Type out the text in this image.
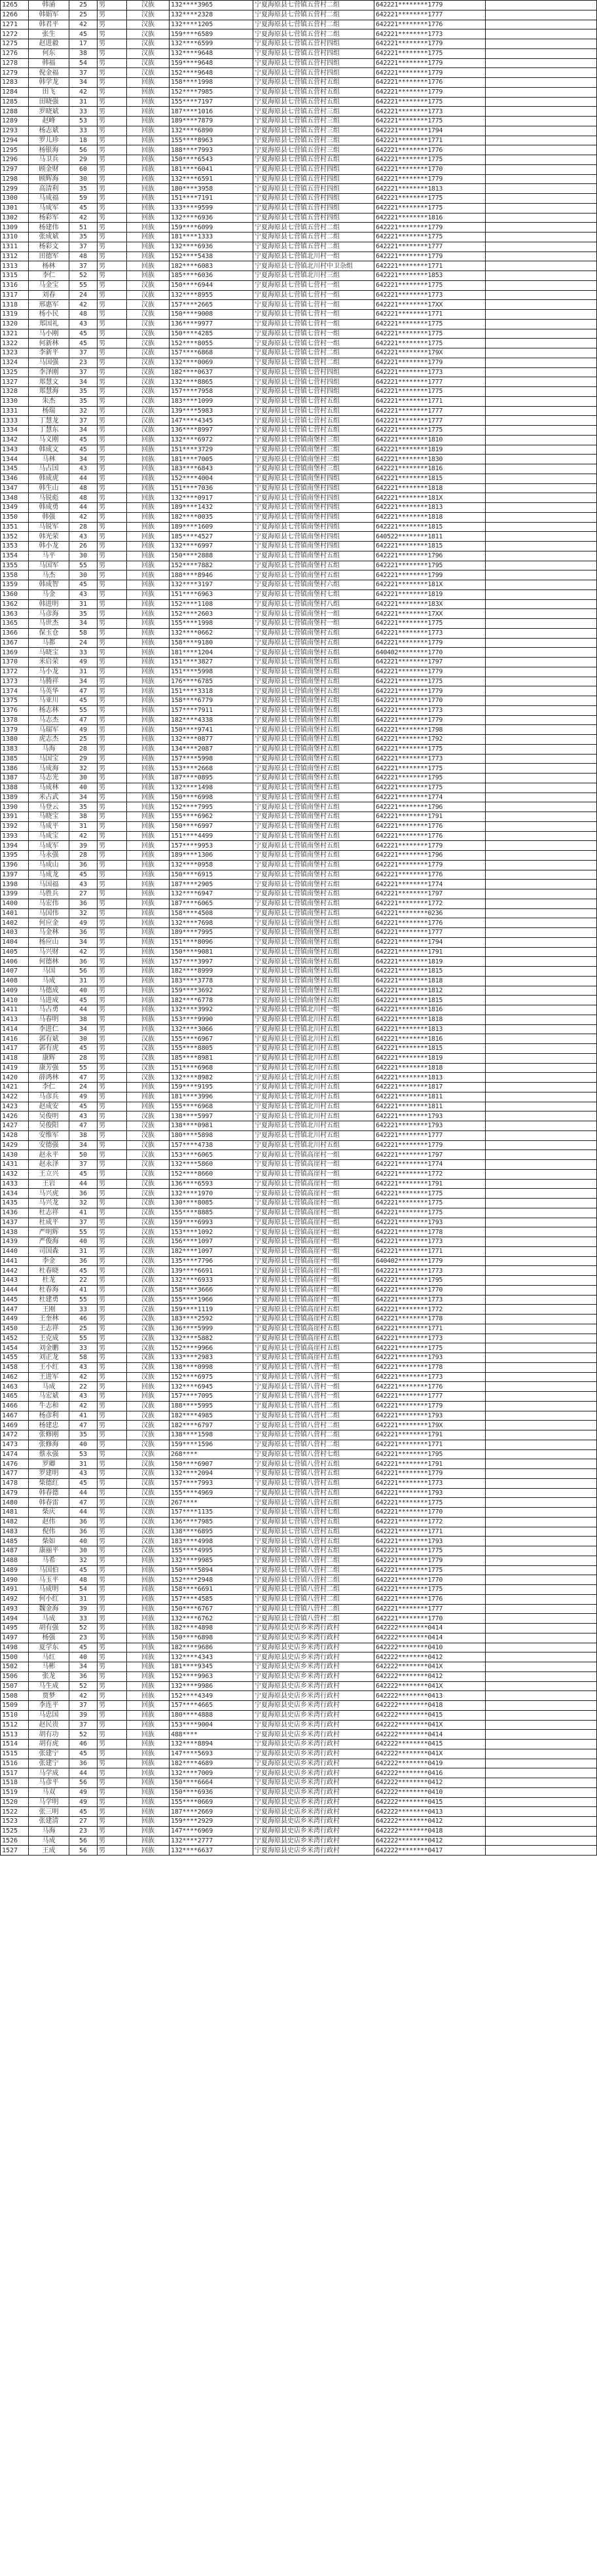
1265	韩涌	25	男	汉族	132****3965	宁夏海原县七营镇五营村二组	642221********1779	
1266	韩娟军	25	男	汉族	132****2328	宁夏海原县七营镇五营村二组	642221********1777	
1271	韩君平	42	男	汉族	132****1205	宁夏海原县七营镇五营村二组	642221********1776	
1272	张生	45	男	汉族	159****6589	宁夏海原县七营镇五营村二组	642221********1773	
1275	赵进毅	17	男	汉族	132****6599	宁夏海原县七营镇五营村四组	642221********1779	
1276	何东	38	男	汉族	132****9648	宁夏海原县七营镇五营村四组	642221********1775	
1278	韩福	54	男	汉族	159****9648	宁夏海原县七营镇五营村四组	642221********1779	
1279	倪金福	37	男	汉族	152****9648	宁夏海原县七营镇五营村四组	642221********1779	
1283	韩学龙	34	男	回族	158****1998	宁夏海原县七营镇五营村五组	642221********1776	
1284	田飞	42	男	回族	152****7985	宁夏海原县七营镇五营村五组	642221********1779	
1285	田晓强	31	男	回族	155****7197	宁夏海原县七营镇五营村五组	642221********1775	
1288	罗晓斌	33	男	回族	187****1016	宁夏海原县七营镇五营村三组	642221********1773	
1289	赵峰	53	男	回族	189****7879	宁夏海原县七营镇五营村三组	642221********1775	
1293	杨志斌	33	男	回族	132****6890	宁夏海原县七营镇五营村三组	642221********1794	
1294	罗儿珍	18	男	回族	155****8963	宁夏海原县七营镇五营村三组	642221********1771	
1295	杨银海	56	男	回族	188****7993	宁夏海原县七营镇五营村三组	642221********1776	
1296	马卫兵	29	男	回族	150****6543	宁夏海原县七营镇五营村五组	642221********1775	
1297	顾金财	60	男	回族	181****6041	宁夏海原县七营镇五营村四组	642221********1770	
1298	顾辉海	30	男	回族	132****6591	宁夏海原县七营镇五营村四组	642221********1779	
1299	高清利	35	男	回族	180****3958	宁夏海原县七营镇五营村四组	642221********1813	
1300	马成福	59	男	回族	151****7191	宁夏海原县七营镇五营村四组	642221********1775	
1301	马成军	45	男	回族	133****9599	宁夏海原县七营镇五营村四组	642221********1775	
1302	杨彩军	42	男	回族	132****6936	宁夏海原县七营镇五营村四组	642221********1816	
1309	杨建伟	51	男	回族	159****6099	宁夏海原县七营镇五营村二组	642221********1779	
1310	张成斌	35	男	回族	181****1333	宁夏海原县七营镇五营村二组	642221********1775	
1311	杨彩文	37	男	回族	132****6936	宁夏海原县七营镇五营村二组	642221********1777	
1312	田德军	48	男	回族	152****5438	宁夏海原县七营镇北川村一组	642221********1779	
1313	杨林	37	男	回族	182****6083	宁夏海原县七营镇北川村中卫杂组	642221********1771	
1315	李仁	52	男	回族	185****6036	宁夏海原县七营镇北川村三组	642221********1853	
1316	马金宝	55	男	汉族	150****6944	宁夏海原县七营镇七营村一组	642221********1775	
1317	刘春	24	男	汉族	132****8955	宁夏海原县七营镇七营村一组	642221********1773	
1318	邢惠军	42	男	汉族	157****2665	宁夏海原县七营镇七营村一组	642221********17XX	
1319	杨小民	48	男	汉族	150****9008	宁夏海原县七营镇七营村一组	642221********1771	
1320	郑国礼	43	男	汉族	136****9977	宁夏海原县七营镇七营村一组	642221********1775	
1321	马小刚	45	男	汉族	150****4285	宁夏海原县七营镇七营村一组	642221********1775	
1322	何新林	45	男	汉族	152****8055	宁夏海原县七营镇七营村一组	642221********1775	
1323	李新平	37	男	汉族	157****6868	宁夏海原县七营镇七营村二组	642221********179X	
1324	马国强	23	男	汉族	132****0069	宁夏海原县七营镇七营村二组	642221********1779	
1325	李泽刚	37	男	汉族	182****0637	宁夏海原县七营镇七营村四组	642221********1773	
1327	郑慧文	34	男	汉族	132****8865	宁夏海原县七营镇七营村四组	642221********1777	
1328	郑慧海	35	男	汉族	157****7958	宁夏海原县七营镇七营村四组	642221********1775	
1330	朱杰	35	男	汉族	183****1099	宁夏海原县七营镇七营村五组	642221********1771	
1331	杨瑞	32	男	汉族	139****5983	宁夏海原县七营镇七营村五组	642221********1777	
1333	丁慧龙	37	男	汉族	147****4345	宁夏海原县七营镇七营村五组	642221********1777	
1334	丁慧东	34	男	汉族	136****8997	宁夏海原县七营镇七营村五组	642221********1775	
1342	马义刚	45	男	回族	132****6972	宁夏海原县七营镇南堡村三组	642221********1810	
1343	韩成文	45	男	回族	151****3729	宁夏海原县七营镇南堡村三组	642221********1819	
1344	马林	34	男	回族	181****7005	宁夏海原县七营镇南堡村三组	642221********1830	
1345	马占国	43	男	回族	183****6843	宁夏海原县七营镇南堡村三组	642221********1816	
1346	韩成虎	44	男	回族	152****4004	宁夏海原县七营镇南堡村四组	642221********1815	
1347	韩生山	48	男	回族	151****7036	宁夏海原县七营镇南堡村四组	642221********1818	
1348	马锐彪	48	男	回族	132****0917	宁夏海原县七营镇南堡村四组	642221********181X	
1349	韩成勇	44	男	回族	189****1432	宁夏海原县七营镇南堡村四组	642221********1813	
1350	韩强	42	男	回族	182****0035	宁夏海原县七营镇南堡村四组	642221********1818	
1351	马锐军	28	男	回族	189****1609	宁夏海原县七营镇南堡村四组	642221********1815	
1352	韩光荣	43	男	回族	185****4527	宁夏海原县七营镇南堡村四组	640522********1811	
1353	韩小龙	26	男	回族	132****6997	宁夏海原县七营镇南堡村四组	642221********1815	
1354	马平	30	男	回族	150****2888	宁夏海原县七营镇南堡村五组	642221********1796	
1355	马国军	55	男	回族	152****7882	宁夏海原县七营镇南堡村五组	642221********1795	
1358	马杰	30	男	回族	188****8946	宁夏海原县七营镇南堡村五组	642221********1799	
1359	韩成智	45	男	回族	132****3197	宁夏海原县七营镇南堡村六组	642221********181X	
1360	马金	43	男	回族	151****6963	宁夏海原县七营镇南堡村七组	642221********1819	
1362	韩进明	31	男	回族	152****1108	宁夏海原县七营镇南堡村八组	642221********183X	
1363	马彦海	35	男	回族	152****2603	宁夏海原县七营镇南堡村一组	642221********17XX	
1365	马世杰	34	男	回族	155****1998	宁夏海原县七营镇南堡村一组	642221********1775	
1366	保玉仓	58	男	回族	132****0662	宁夏海原县七营镇南堡村五组	642221********1773	
1367	马都	24	男	回族	158****9180	宁夏海原县七营镇南堡村五组	642221********1779	
1369	马晓宝	33	男	回族	181****1204	宁夏海原县七营镇南堡村五组	640402********1770	
1370	米启荣	49	男	回族	151****3827	宁夏海原县七营镇南堡村五组	642221********1797	
1372	马小龙	31	男	回族	151****5998	宁夏海原县七营镇南堡村五组	642221********1779	
1373	马腾祥	34	男	回族	176****6785	宁夏海原县七营镇南堡村五组	642221********1775	
1374	马英华	47	男	回族	151****3318	宁夏海原县七营镇南堡村五组	642221********1779	
1375	马亚川	45	男	回族	158****6779	宁夏海原县七营镇南堡村五组	642221********1770	
1376	杨志林	55	男	回族	157****7911	宁夏海原县七营镇南堡村五组	642221********1773	
1378	马志杰	47	男	回族	182****4338	宁夏海原县七营镇南堡村五组	642221********1779	
1379	马瑞军	49	男	回族	150****9741	宁夏海原县七营镇南堡村五组	642221********1798	
1380	虎志杰	25	男	回族	132****0877	宁夏海原县七营镇南堡村五组	642221********1792	
1383	马海	28	男	回族	134****2087	宁夏海原县七营镇南堡村五组	642221********1775	
1385	马国宝	29	男	回族	157****5998	宁夏海原县七营镇南堡村五组	642221********1773	
1386	马成海	32	男	回族	153****2668	宁夏海原县七营镇南堡村五组	642221********1775	
1387	马志光	30	男	回族	187****0895	宁夏海原县七营镇南堡村五组	642221********1795	
1388	马成林	40	男	回族	132****1498	宁夏海原县七营镇南堡村五组	642221********1775	
1389	米占武	34	男	回族	150****6998	宁夏海原县七营镇南堡村五组	642221********1774	
1390	马登云	35	男	回族	152****7995	宁夏海原县七营镇南堡村五组	642221********1796	
1391	马晓宝	38	男	回族	155****6962	宁夏海原县七营镇南堡村五组	642221********1791	
1392	马成平	31	男	回族	150****6997	宁夏海原县七营镇南堡村五组	642221********1776	
1393	马成宝	42	男	回族	151****4499	宁夏海原县七营镇南堡村五组	642221********1776	
1394	马成军	39	男	回族	157****9953	宁夏海原县七营镇南堡村五组	642221********1779	
1395	马永强	28	男	回族	189****1306	宁夏海原县七营镇南堡村五组	642221********1796	
1396	马成山	36	男	回族	132****0958	宁夏海原县七营镇南堡村五组	642221********1779	
1397	马成龙	45	男	回族	150****6915	宁夏海原县七营镇南堡村五组	642221********1776	
1398	马国福	43	男	回族	187****2905	宁夏海原县七营镇南堡村五组	642221********1774	
1399	马胜兵	27	男	回族	132****6947	宁夏海原县七营镇南堡村五组	642221********1797	
1400	马宏伟	36	男	回族	187****6065	宁夏海原县七营镇南堡村五组	642221********1772	
1401	马国伟	32	男	回族	158****4508	宁夏海原县七营镇南堡村五组	642221********0236	
1402	何应金	49	男	回族	132****7698	宁夏海原县七营镇南堡村五组	642221********1776	
1403	马金林	36	男	回族	189****7995	宁夏海原县七营镇南堡村五组	642221********1777	
1404	杨应山	34	男	回族	151****8096	宁夏海原县七营镇南堡村五组	642221********1794	
1405	马兴财	42	男	回族	150****9081	宁夏海原县七营镇南堡村五组	642221********1791	
1406	何德林	36	男	回族	157****3997	宁夏海原县七营镇南堡村五组	642221********1819	
1407	马国	56	男	回族	182****8999	宁夏海原县七营镇南堡村五组	642221********1815	
1408	马成	31	男	回族	183****3778	宁夏海原县七营镇南堡村五组	642221********1818	
1409	马德成	40	男	回族	159****3692	宁夏海原县七营镇南堡村五组	642221********1812	
1410	马进成	45	男	回族	182****6778	宁夏海原县七营镇南堡村五组	642221********1815	
1411	马占勇	44	男	回族	132****3992	宁夏海原县七营镇北川村一组	642221********1816	
1413	马春明	38	男	回族	153****9990	宁夏海原县七营镇北川村五组	642221********1818	
1414	李进仁	34	男	回族	132****3066	宁夏海原县七营镇北川村五组	642221********1813	
1416	郭有斌	30	男	汉族	155****6967	宁夏海原县七营镇北川村五组	642221********1816	
1417	郭有虎	45	男	汉族	155****8805	宁夏海原县七营镇北川村五组	642221********1815	
1418	康辉	28	男	汉族	185****8981	宁夏海原县七营镇北川村五组	642221********1819	
1419	康芳强	55	男	汉族	151****6968	宁夏海原县七营镇北川村五组	642221********1818	
1420	薛鸿林	47	男	汉族	132****8982	宁夏海原县七营镇北川村五组	642221********1813	
1421	李仁	24	男	回族	159****9195	宁夏海原县七营镇北川村五组	642221********1817	
1422	马彦兵	49	男	回族	181****3996	宁夏海原县七营镇北川村五组	642221********1811	
1423	赵成安	45	男	回族	155****6968	宁夏海原县七营镇北川村五组	642221********1811	
1426	吴俊明	43	男	汉族	138****5997	宁夏海原县七营镇北川村五组	642221********1793	
1427	吴俊阳	47	男	汉族	138****0981	宁夏海原县七营镇北川村五组	642221********1793	
1428	安维军	38	男	汉族	180****5898	宁夏海原县七营镇北川村五组	642221********1777	
1429	安德强	34	男	汉族	157****4738	宁夏海原县七营镇北川村五组	642221********1779	
1430	赵永平	50	男	汉族	153****6065	宁夏海原县七营镇高崖村一组	642221********1797	
1431	赵永泽	37	男	汉族	132****5860	宁夏海原县七营镇高崖村一组	642221********1774	
1432	王立兴	45	男	汉族	152****8660	宁夏海原县七营镇高崖村一组	642221********1772	
1433	王岩	44	男	汉族	136****6593	宁夏海原县七营镇高崖村一组	642221********1791	
1434	马兴虎	36	男	汉族	132****1970	宁夏海原县七营镇高崖村一组	642221********1775	
1435	马兴龙	32	男	汉族	130****8085	宁夏海原县七营镇高崖村一组	642221********1775	
1436	杜志祥	41	男	汉族	155****8885	宁夏海原县七营镇高崖村一组	642221********1775	
1437	杜成平	37	男	汉族	159****6993	宁夏海原县七营镇高崖村一组	642221********1793	
1438	严明辉	55	男	汉族	153****1092	宁夏海原县七营镇高崖村一组	642221********1778	
1439	严俊海	40	男	汉族	156****1097	宁夏海原县七营镇高崖村一组	642221********1773	
1440	司国森	31	男	汉族	182****1097	宁夏海原县七营镇高崖村一组	642221********1771	
1441	李金	36	男	汉族	135****7796	宁夏海原县七营镇高崖村一组	640402********1779	
1442	杜春晓	45	男	汉族	139****6691	宁夏海原县七营镇高崖村一组	642221********1773	
1443	杜龙	22	男	汉族	132****6933	宁夏海原县七营镇高崖村一组	642221********1795	
1444	杜春海	41	男	汉族	158****3666	宁夏海原县七营镇高崖村一组	642221********1770	
1445	杜建勇	55	男	汉族	155****1966	宁夏海原县七营镇高崖村一组	642221********1773	
1447	王刚	33	男	汉族	159****1119	宁夏海原县七营镇高崖村五组	642221********1772	
1449	王奎林	46	男	汉族	183****2592	宁夏海原县七营镇高崖村五组	642221********1778	
1450	王志祥	25	男	汉族	136****5999	宁夏海原县七营镇高崖村五组	642221********1771	
1452	王克成	55	男	汉族	132****5882	宁夏海原县七营镇高崖村五组	642221********1773	
1454	刘金鹏	33	男	汉族	152****9966	宁夏海原县七营镇高崖村五组	642221********1775	
1455	刘正龙	58	男	汉族	133****2983	宁夏海原县七营镇高崖村五组	642221********1793	
1458	王小红	43	男	汉族	138****0998	宁夏海原县七营镇八营村一组	642221********1778	
1462	王进军	42	男	汉族	152****6975	宁夏海原县七营镇八营村一组	642221********1773	
1463	马成	22	男	回族	132****6945	宁夏海原县七营镇八营村一组	642221********1776	
1465	马宏斌	43	男	回族	157****7095	宁夏海原县七营镇八营村一组	642221********1777	
1466	牛志和	42	男	汉族	188****5995	宁夏海原县七营镇八营村二组	642221********1779	
1467	杨彦利	41	男	汉族	182****4985	宁夏海原县七营镇八营村二组	642221********1793	
1469	杨建忠	47	男	汉族	182****6797	宁夏海原县七营镇八营村二组	642221********179X	
1472	张修刚	35	男	汉族	138****1598	宁夏海原县七营镇八营村二组	642221********1791	
1473	张修海	40	男	汉族	159****1596	宁夏海原县七营镇八营村二组	642221********1771	
1474	蔡永强	53	男	汉族	268****	宁夏海原县七营镇八营村七组	642221********1795	
1476	罗卿	31	男	汉族	150****6907	宁夏海原县七营镇八营村五组	642221********1791	
1477	罗建明	43	男	汉族	132****2094	宁夏海原县七营镇八营村五组	642221********1779	
1478	柴德红	45	男	汉族	157****7993	宁夏海原县七营镇八营村五组	642221********1773	
1479	韩春德	44	男	汉族	155****4969	宁夏海原县七营镇八营村五组	642221********1793	
1480	韩春雷	47	男	汉族	267****	宁夏海原县七营镇八营村五组	642221********1775	
1481	柴庆	44	男	汉族	157****1135	宁夏海原县七营镇八营村七组	642221********1770	
1482	赵伟	36	男	汉族	136****7985	宁夏海原县七营镇八营村五组	642221********1772	
1483	倪伟	36	男	汉族	138****6895	宁夏海原县七营镇八营村五组	642221********1771	
1485	柴如	40	男	汉族	183****4998	宁夏海原县七营镇八营村五组	642221********1793	
1487	康丽平	30	男	汉族	155****4995	宁夏海原县七营镇八营村五组	642221********1775	
1488	马希	32	男	回族	132****9985	宁夏海原县七营镇八营村二组	642221********1779	
1489	马国伯	45	男	回族	150****5894	宁夏海原县七营镇八营村二组	642221********1775	
1490	马玉平	48	男	回族	152****2948	宁夏海原县七营镇八营村二组	642221********1770	
1491	马成明	54	男	回族	158****6691	宁夏海原县七营镇八营村二组	642221********1775	
1492	何小红	31	男	回族	157****4585	宁夏海原县七营镇八营村二组	642221********1776	
1493	魏金海	39	男	回族	150****6767	宁夏海原县七营镇八营村二组	642221********1777	
1494	马成	33	男	回族	132****6762	宁夏海原县七营镇八营村二组	642221********1770	
1495	胡有强	52	男	回族	182****4898	宁夏海原县史店乡米湾行政村	642222********0414	
1497	杨强	23	男	回族	150****6898	宁夏海原县史店乡米湾行政村	642222********0414	
1498	夏学东	45	男	回族	182****9686	宁夏海原县史店乡米湾行政村	642222********0410	
1500	马红	40	男	回族	132****4343	宁夏海原县史店乡米湾行政村	642222********0412	
1502	马彬	34	男	回族	181****9345	宁夏海原县史店乡米湾行政村	642222********041X	
1506	张龙	36	男	回族	152****9963	宁夏海原县史店乡米湾行政村	642222********0412	
1507	马生成	52	男	回族	132****9986	宁夏海原县史店乡米湾行政村	642222********041X	
1508	贾梦	42	男	回族	152****4349	宁夏海原县史店乡米湾行政村	642222********0413	
1509	李连平	37	男	回族	157****4665	宁夏海原县史店乡米湾行政村	642222********0418	
1510	马忠国	39	男	回族	180****4888	宁夏海原县史店乡米湾行政村	642222********0415	
1512	赵民贵	37	男	回族	153****9004	宁夏海原县史店乡米湾行政村	642222********041X	
1513	胡有功	52	男	回族	488****	宁夏海原县史店乡米湾行政村	642222********0414	
1514	胡有虎	46	男	回族	132****8894	宁夏海原县史店乡米湾行政村	642222********0415	
1515	张建宁	45	男	回族	147****5693	宁夏海原县史店乡米湾行政村	642222********041X	
1516	张建宁	36	男	回族	182****4689	宁夏海原县史店乡米湾行政村	642222********0419	
1517	马学成	44	男	回族	132****7009	宁夏海原县史店乡米湾行政村	642222********0416	
1518	马彦平	56	男	回族	150****6664	宁夏海原县史店乡米湾行政村	642222********0412	
1519	马双	49	男	回族	150****6936	宁夏海原县史店乡米湾行政村	642222********0410	
1520	马学明	49	男	回族	155****0669	宁夏海原县史店乡米湾行政村	642222********0415	
1522	张三明	45	男	回族	187****2669	宁夏海原县史店乡米湾行政村	642222********0413	
1523	张建清	27	男	回族	159****2929	宁夏海原县史店乡米湾行政村	642222********0412	
1525	马海	23	男	回族	147****6969	宁夏海原县史店乡米湾行政村	642222********0418	
1526	马成	56	男	回族	132****2777	宁夏海原县史店乡米湾行政村	642222********0412	
1527	王成	56	男	回族	132****6637	宁夏海原县史店乡米湾行政村	642222********0417	
